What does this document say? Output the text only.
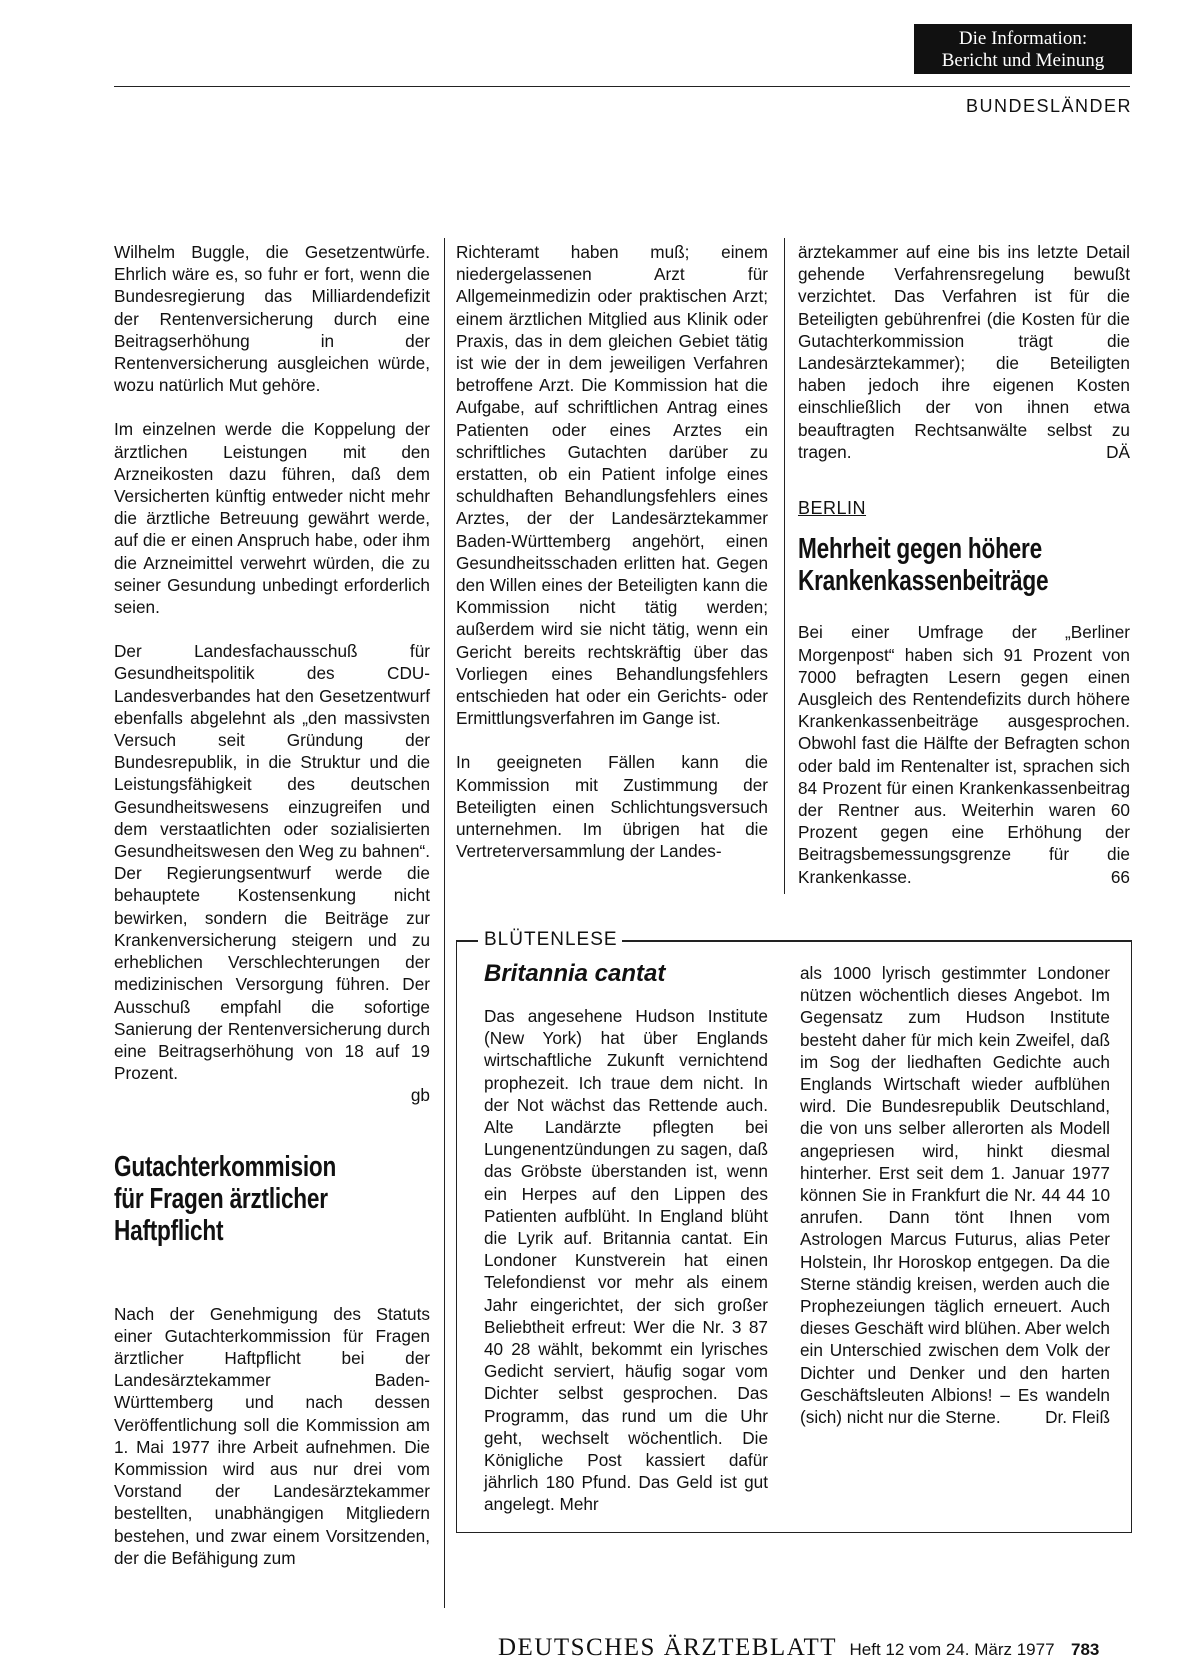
Die Information:
Bericht und Meinung
BUNDESLÄNDER

Wilhelm Buggle, die Gesetzentwürfe. Ehrlich wäre es, so fuhr er fort, wenn die Bundesregierung das Milliardendefizit der Rentenversicherung durch eine Beitragserhöhung in der Rentenversicherung ausgleichen würde, wozu natürlich Mut gehöre.

Im einzelnen werde die Koppelung der ärztlichen Leistungen mit den Arzneikosten dazu führen, daß dem Versicherten künftig entweder nicht mehr die ärztliche Betreuung gewährt werde, auf die er einen Anspruch habe, oder ihm die Arzneimittel verwehrt würden, die zu seiner Gesundung unbedingt erforderlich seien.

Der Landesfachausschuß für Gesundheitspolitik des CDU-Landesverbandes hat den Gesetzentwurf ebenfalls abgelehnt als „den massivsten Versuch seit Gründung der Bundesrepublik, in die Struktur und die Leistungsfähigkeit des deutschen Gesundheitswesens einzugreifen und dem verstaatlichten oder sozialisierten Gesundheitswesen den Weg zu bahnen“. Der Regierungsentwurf werde die behauptete Kostensenkung nicht bewirken, sondern die Beiträge zur Krankenversicherung steigern und zu erheblichen Verschlechterungen der medizinischen Versorgung führen. Der Ausschuß empfahl die sofortige Sanierung der Rentenversicherung durch eine Beitragserhöhung von 18 auf 19 Prozent.

gb
Gutachterkommision
für Fragen ärztlicher
Haftpflicht

Nach der Genehmigung des Statuts einer Gutachterkommission für Fragen ärztlicher Haftpflicht bei der Landesärztekammer Baden-Württemberg und nach dessen Veröffentlichung soll die Kommission am 1. Mai 1977 ihre Arbeit aufnehmen. Die Kommission wird aus nur drei vom Vorstand der Landesärztekammer bestellten, unabhängigen Mitgliedern bestehen, und zwar einem Vorsitzenden, der die Befähigung zum

Richteramt haben muß; einem niedergelassenen Arzt für Allgemeinmedizin oder praktischen Arzt; einem ärztlichen Mitglied aus Klinik oder Praxis, das in dem gleichen Gebiet tätig ist wie der in dem jeweiligen Verfahren betroffene Arzt. Die Kommission hat die Aufgabe, auf schriftlichen Antrag eines Patienten oder eines Arztes ein schriftliches Gutachten darüber zu erstatten, ob ein Patient infolge eines schuldhaften Behandlungsfehlers eines Arztes, der der Landesärztekammer Baden-Württemberg angehört, einen Gesundheitsschaden erlitten hat. Gegen den Willen eines der Beteiligten kann die Kommission nicht tätig werden; außerdem wird sie nicht tätig, wenn ein Gericht bereits rechtskräftig über das Vorliegen eines Behandlungsfehlers entschieden hat oder ein Gerichts- oder Ermittlungsverfahren im Gange ist.

In geeigneten Fällen kann die Kommission mit Zustimmung der Beteiligten einen Schlichtungsversuch unternehmen. Im übrigen hat die Vertreterversammlung der Landes-

ärztekammer auf eine bis ins letzte Detail gehende Verfahrensregelung bewußt verzichtet. Das Verfahren ist für die Beteiligten gebührenfrei (die Kosten für die Gutachterkommission trägt die Landesärztekammer); die Beteiligten haben jedoch ihre eigenen Kosten einschließlich der von ihnen etwa beauftragten Rechtsanwälte selbst zu tragen.	DÄ
BERLIN
Mehrheit gegen höhere
Krankenkassenbeiträge

Bei einer Umfrage der „Berliner Morgenpost“ haben sich 91 Prozent von 7000 befragten Lesern gegen einen Ausgleich des Rentendefizits durch höhere Krankenkassenbeiträge ausgesprochen. Obwohl fast die Hälfte der Befragten schon oder bald im Rentenalter ist, sprachen sich 84 Prozent für einen Krankenkassenbeitrag der Rentner aus. Weiterhin waren 60 Prozent gegen eine Erhöhung der Beitragsbemessungsgrenze für die Krankenkasse.	66
BLÜTENLESE
Britannia cantat

Das angesehene Hudson Institute (New York) hat über Englands wirtschaftliche Zukunft vernichtend prophezeit. Ich traue dem nicht. In der Not wächst das Rettende auch. Alte Landärzte pflegten bei Lungenentzündungen zu sagen, daß das Gröbste überstanden ist, wenn ein Herpes auf den Lippen des Patienten aufblüht. In England blüht die Lyrik auf. Britannia cantat. Ein Londoner Kunstverein hat einen Telefondienst vor mehr als einem Jahr eingerichtet, der sich großer Beliebtheit erfreut: Wer die Nr. 3 87 40 28 wählt, bekommt ein lyrisches Gedicht serviert, häufig sogar vom Dichter selbst gesprochen. Das Programm, das rund um die Uhr geht, wechselt wöchentlich. Die Königliche Post kassiert dafür jährlich 180 Pfund. Das Geld ist gut angelegt. Mehr

als 1000 lyrisch gestimmter Londoner nützen wöchentlich dieses Angebot. Im Gegensatz zum Hudson Institute besteht daher für mich kein Zweifel, daß im Sog der liedhaften Gedichte auch Englands Wirtschaft wieder aufblühen wird. Die Bundesrepublik Deutschland, die von uns selber allerorten als Modell angepriesen wird, hinkt diesmal hinterher. Erst seit dem 1. Januar 1977 können Sie in Frankfurt die Nr. 44 44 10 anrufen. Dann tönt Ihnen vom Astrologen Marcus Futurus, alias Peter Holstein, Ihr Horoskop entgegen. Da die Sterne ständig kreisen, werden auch die Prophezeiungen täglich erneuert. Auch dieses Geschäft wird blühen. Aber welch ein Unterschied zwischen dem Volk der Dichter und Denker und den harten Geschäftsleuten Albions! – Es wandeln (sich) nicht nur die Sterne.	Dr. Fleiß
DEUTSCHES ÄRZTEBLATT Heft 12 vom 24. März 1977 783
